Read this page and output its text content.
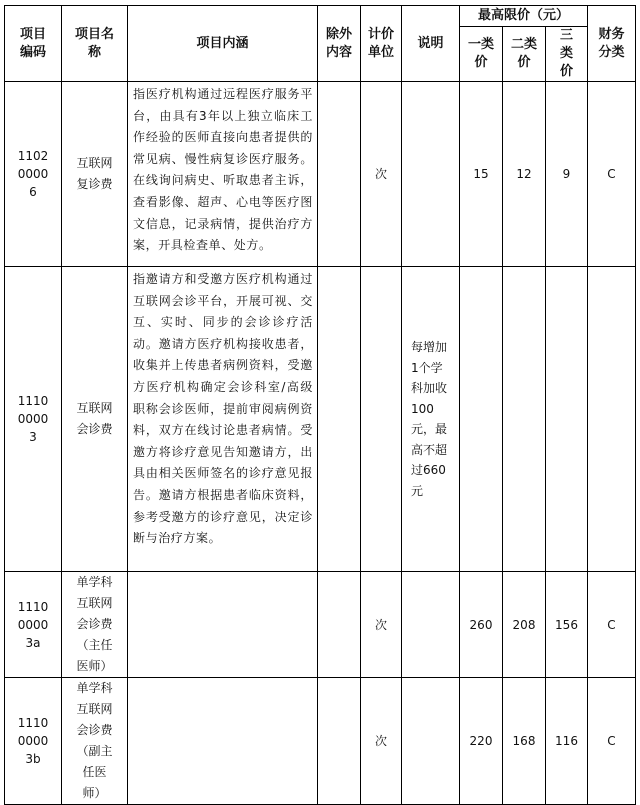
项目编码	项目名称	项目内涵	除外内容	计价单位	说明	最高限价（元）			财务分类
						一类价	二类价	三类价	
110200006	互联网复诊费	指医疗机构通过远程医疗服务平台，由具有3年以上独立临床工作经验的医师直接向患者提供的常见病、慢性病复诊医疗服务。在线询问病史、听取患者主诉，查看影像、超声、心电等医疗图文信息，记录病情，提供治疗方案，开具检查单、处方。		次		15	12	9	C
111000003	互联网会诊费	指邀请方和受邀方医疗机构通过互联网会诊平台，开展可视、交互、实时、同步的会诊诊疗活动。邀请方医疗机构接收患者，收集并上传患者病例资料，受邀方医疗机构确定会诊科室/高级职称会诊医师，提前审阅病例资料，双方在线讨论患者病情。受邀方将诊疗意见告知邀请方，出具由相关医师签名的诊疗意见报告。邀请方根据患者临床资料，参考受邀方的诊疗意见，决定诊断与治疗方案。			每增加1个学科加收100元，最高不超过660元				
111000003a	单学科互联网会诊费（主任医师）			次		260	208	156	C
111000003b	单学科互联网会诊费（副主任医师）			次		220	168	116	C
